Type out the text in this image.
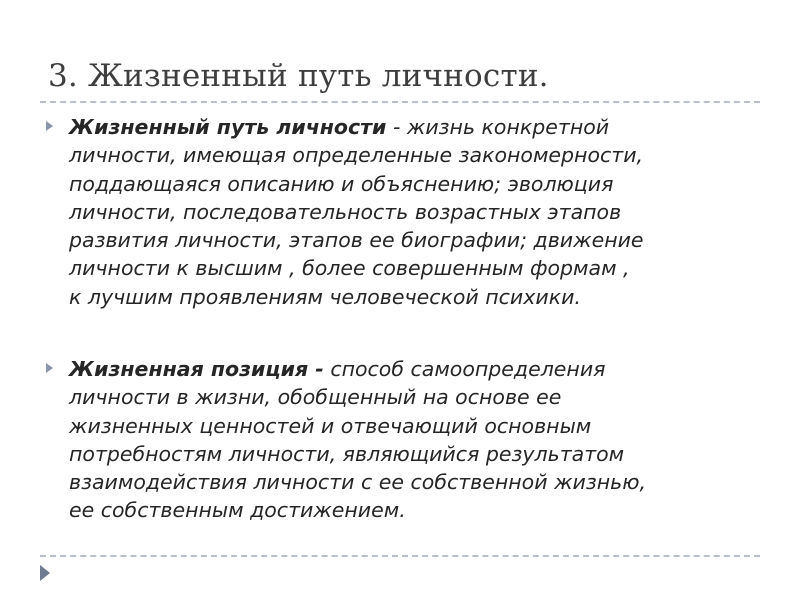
3. Жизненный путь личности.
Жизненный путь личности - жизнь конкретной
личности, имеющая определенные закономерности,
поддающаяся описанию и объяснению; эволюция
личности, последовательность возрастных этапов
развития личности, этапов ее биографии; движение
личности к высшим , более совершенным формам ,
к лучшим проявлениям человеческой психики.
Жизненная позиция - способ самоопределения
личности в жизни, обобщенный на основе ее
жизненных ценностей и отвечающий основным
потребностям личности, являющийся результатом
взаимодействия личности с ее собственной жизнью,
ее собственным достижением.
